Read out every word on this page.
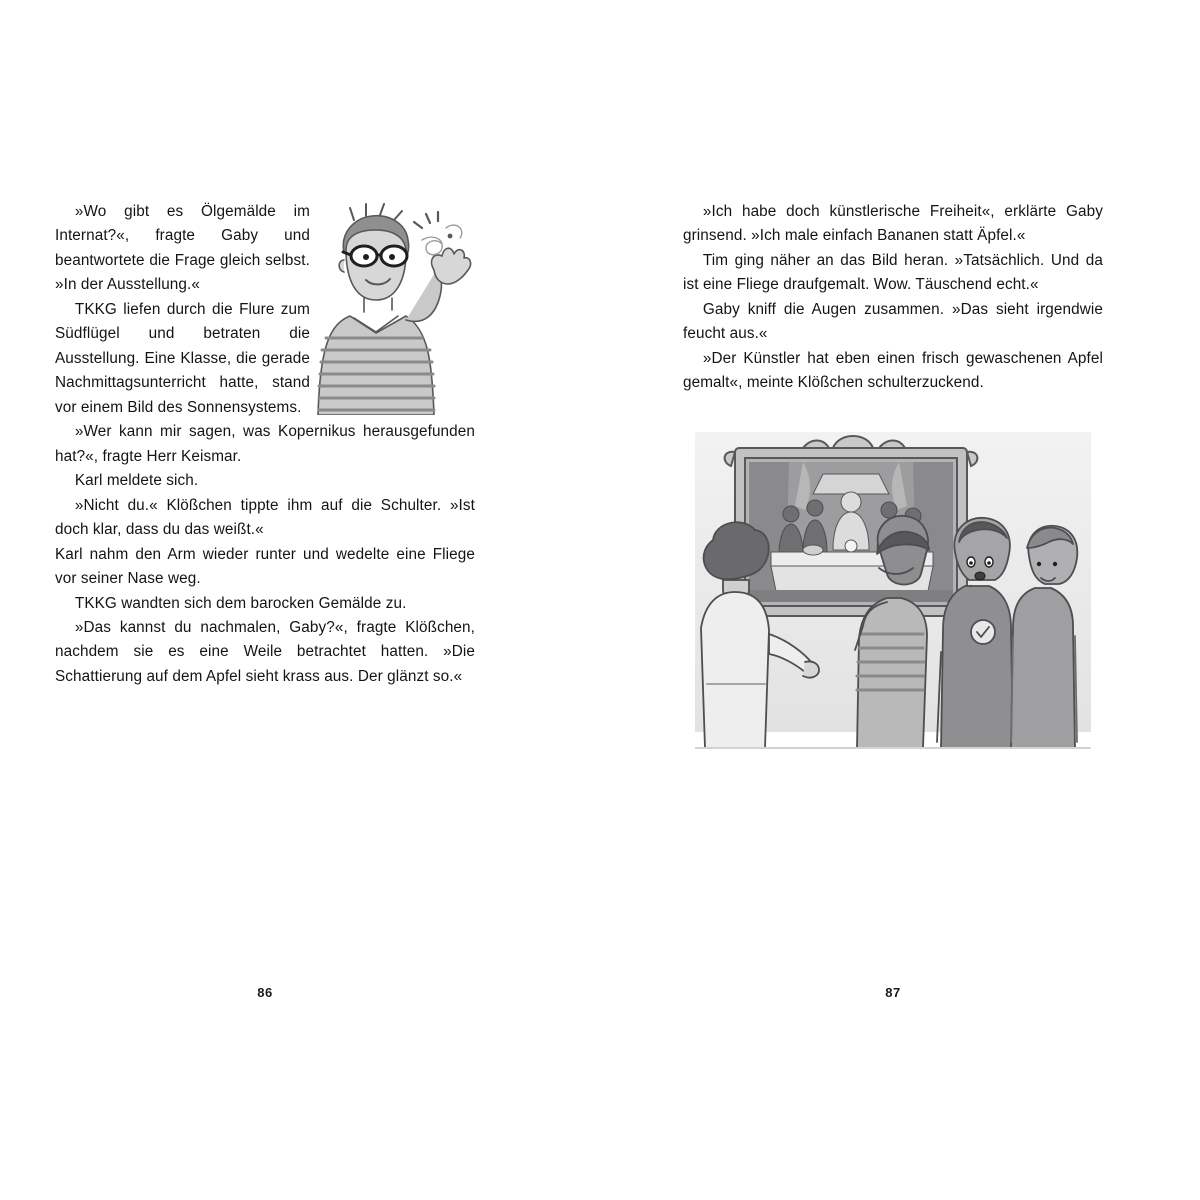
»Wo gibt es Ölgemälde im Internat?«, fragte Gaby und beantwortete die Frage gleich selbst. »In der Ausstellung.«

TKKG liefen durch die Flure zum Südflügel und betraten die Ausstellung. Eine Klasse, die gerade Nachmittagsunterricht hatte, stand vor einem Bild des Sonnensystems.

»Wer kann mir sagen, was Kopernikus herausgefunden hat?«, fragte Herr Keismar.

Karl meldete sich.

»Nicht du.« Klößchen tippte ihm auf die Schulter. »Ist doch klar, dass du das weißt.«

Karl nahm den Arm wieder runter und wedelte eine Fliege vor seiner Nase weg.

TKKG wandten sich dem barocken Gemälde zu.

»Das kannst du nachmalen, Gaby?«, fragte Klößchen, nachdem sie es eine Weile betrachtet hatten. »Die Schattierung auf dem Apfel sieht krass aus. Der glänzt so.«

86

»Ich habe doch künstlerische Freiheit«, erklärte Gaby grinsend. »Ich male einfach Bananen statt Äpfel.«

Tim ging näher an das Bild heran. »Tatsächlich. Und da ist eine Fliege draufgemalt. Wow. Täuschend echt.«

Gaby kniff die Augen zusammen. »Das sieht irgendwie feucht aus.«

»Der Künstler hat eben einen frisch gewaschenen Apfel gemalt«, meinte Klößchen schulterzuckend.

87
